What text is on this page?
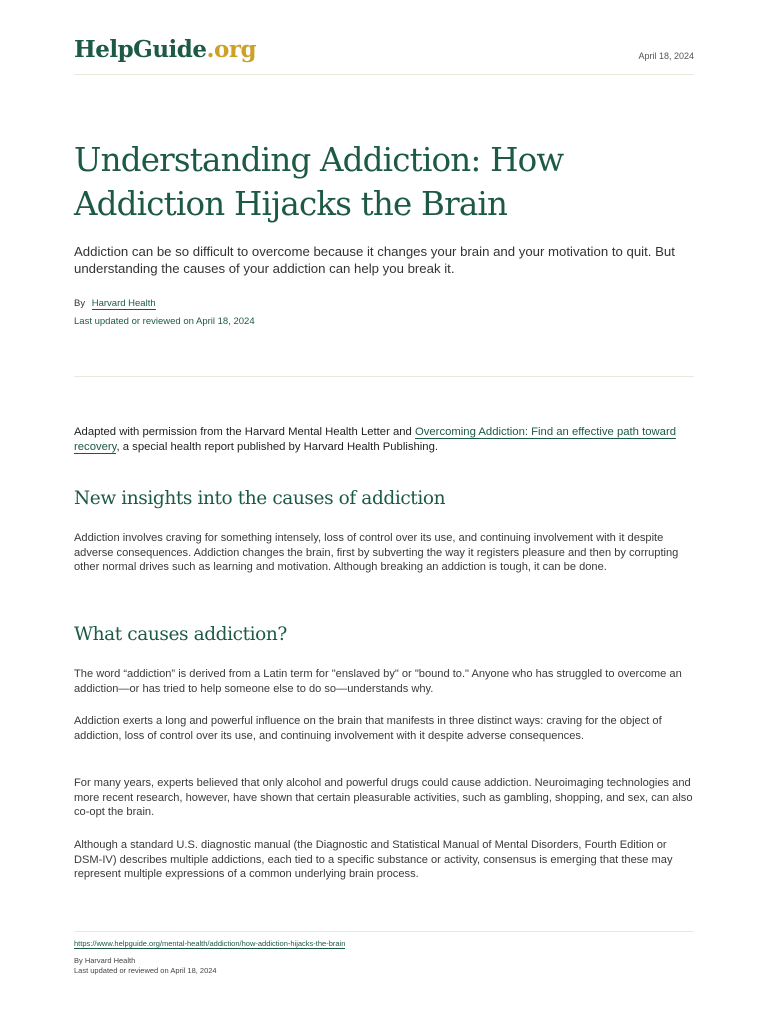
HelpGuide.org	April 18, 2024
Understanding Addiction: How Addiction Hijacks the Brain

Addiction can be so difficult to overcome because it changes your brain and your motivation to quit. But understanding the causes of your addiction can help you break it.

By Harvard Health
Last updated or reviewed on April 18, 2024

Adapted with permission from the Harvard Mental Health Letter and Overcoming Addiction: Find an effective path toward recovery, a special health report published by Harvard Health Publishing.

New insights into the causes of addiction

Addiction involves craving for something intensely, loss of control over its use, and continuing involvement with it despite adverse consequences. Addiction changes the brain, first by subverting the way it registers pleasure and then by corrupting other normal drives such as learning and motivation. Although breaking an addiction is tough, it can be done.

What causes addiction?

The word “addiction” is derived from a Latin term for "enslaved by" or "bound to." Anyone who has struggled to overcome an addiction—or has tried to help someone else to do so—understands why.

Addiction exerts a long and powerful influence on the brain that manifests in three distinct ways: craving for the object of addiction, loss of control over its use, and continuing involvement with it despite adverse consequences.

For many years, experts believed that only alcohol and powerful drugs could cause addiction. Neuroimaging technologies and more recent research, however, have shown that certain pleasurable activities, such as gambling, shopping, and sex, can also co-opt the brain.

Although a standard U.S. diagnostic manual (the Diagnostic and Statistical Manual of Mental Disorders, Fourth Edition or DSM-IV) describes multiple addictions, each tied to a specific substance or activity, consensus is emerging that these may represent multiple expressions of a common underlying brain process.

https://www.helpguide.org/mental-health/addiction/how-addiction-hijacks-the-brain
By Harvard Health
Last updated or reviewed on April 18, 2024
